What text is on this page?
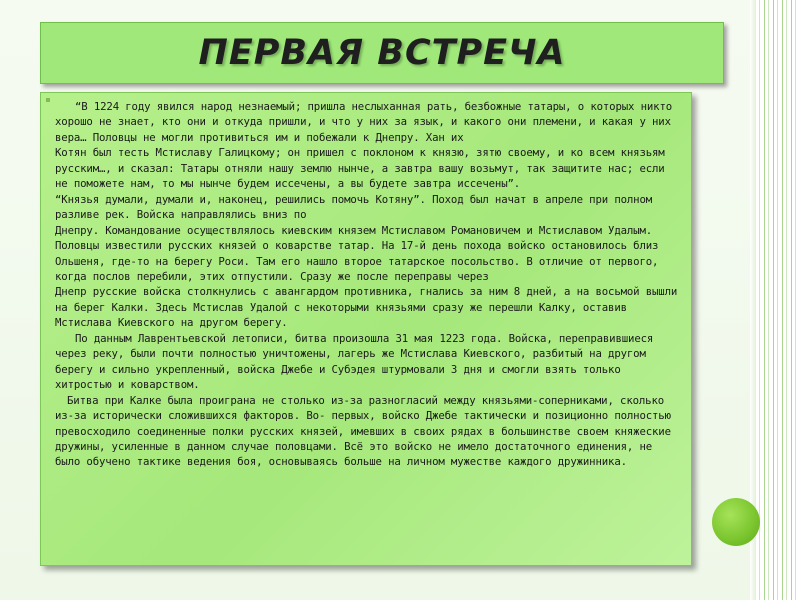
ПЕРВАЯ ВСТРЕЧА

“В 1224 году явился народ незнаемый; пришла неслыханная рать, безбожные татары, о которых никто хорошо не знает, кто они и откуда пришли, и что у них за язык, и какого они племени, и какая у них вера… Половцы не могли противиться им и побежали к Днепру. Хан их

Котян был тесть Мстиславу Галицкому; он пришел с поклоном к князю, зятю своему, и ко всем князьям русским…, и сказал: Татары отняли нашу землю нынче, а завтра вашу возьмут, так защитите нас; если не поможете нам, то мы нынче будем иссечены, а вы будете завтра иссечены”.

“Князья думали, думали и, наконец, решились помочь Котяну”. Поход был начат в апреле при полном разливе рек. Войска направлялись вниз по

Днепру. Командование осуществлялось киевским князем Мстиславом Романовичем и Мстиславом Удалым. Половцы известили русских князей о коварстве татар. На 17-й день похода войско остановилось близ Ольшеня, где-то на берегу Роси. Там его нашло второе татарское посольство. В отличие от первого, когда послов перебили, этих отпустили. Сразу же после переправы через

Днепр русские войска столкнулись с авангардом противника, гнались за ним 8 дней, а на восьмой вышли на берег Калки. Здесь Мстислав Удалой с некоторыми князьями сразу же перешли Калку, оставив Мстислава Киевского на другом берегу.

По данным Лаврентьевской летописи, битва произошла 31 мая 1223 года. Войска, переправившиеся через реку, были почти полностью уничтожены, лагерь же Мстислава Киевского, разбитый на другом берегу и сильно укрепленный, войска Джебе и Субэдея штурмовали 3 дня и смогли взять только хитростью и коварством.

Битва при Калке была проиграна не столько из-за разногласий между князьями-соперниками, сколько из-за исторически сложившихся факторов. Во- первых, войско Джебе тактически и позиционно полностью превосходило соединенные полки русских князей, имевших в своих рядах в большинстве своем княжеские дружины, усиленные в данном случае половцами. Всё это войско не имело достаточного единения, не было обучено тактике ведения боя, основываясь больше на личном мужестве каждого дружинника.
